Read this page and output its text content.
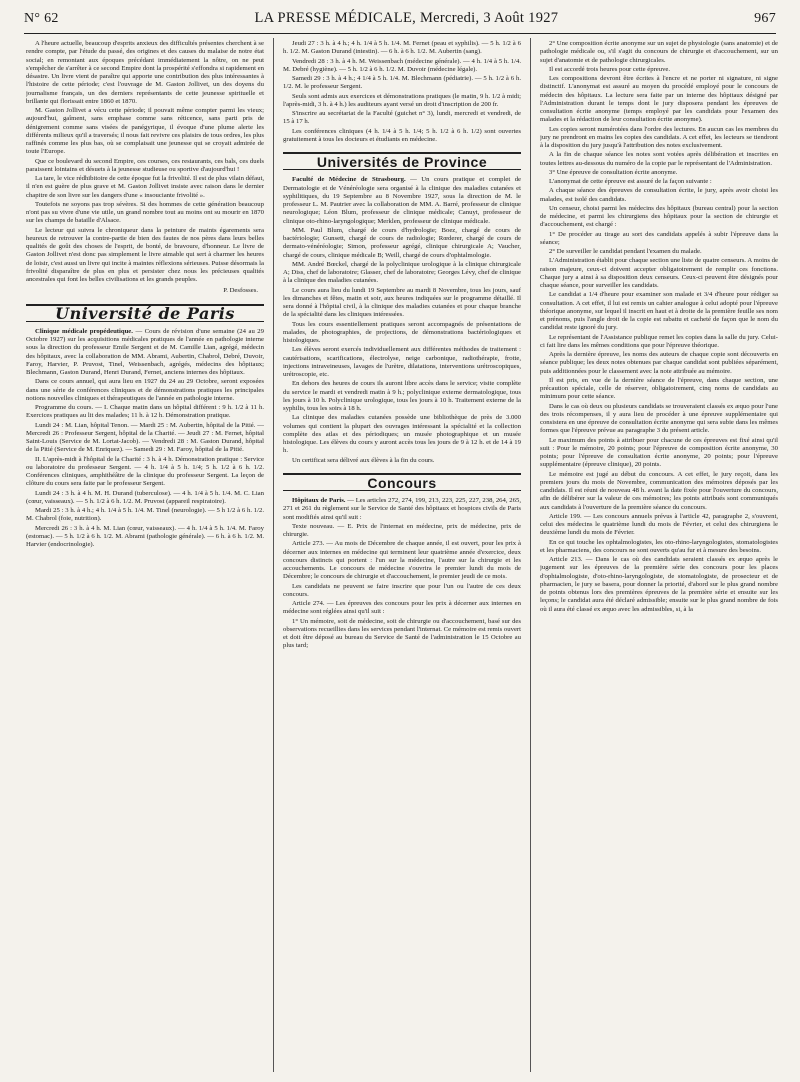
N° 62	LA PRESSE MÉDICALE, Mercredi, 3 Août 1927	967

A l'heure actuelle, beaucoup d'esprits anxieux des difficultés présentes cherchent à se rendre compte, par l'étude du passé, des origines et des causes du malaise de notre état social; en remontant aux époques précédant immédiatement la nôtre, on ne peut s'empêcher de s'arrêter à ce second Empire dont la prospérité s'effondra si rapidement en désastre. Un livre vient de paraître qui apporte une contribution des plus intéressantes à l'histoire de cette période; c'est l'ouvrage de M. Gaston Jollivet, un des doyens du journalisme français, un des derniers représentants de cette jeunesse spirituelle et brillante qui florissait entre 1860 et 1870.

M. Gaston Jollivet a vécu cette période; il pouvait même compter parmi les vieux; aujourd'hui, gaîment, sans emphase comme sans réticence, sans parti pris de dénigrement comme sans visées de panégyrique, il évoque d'une plume alerte les différents milieux qu'il a traversés; il nous fait revivre ces plaisirs de tous ordres, les plus raffinés comme les plus bas, où se complaisait une jeunesse qui se croyait admirée de toute l'Europe.

Que ce boulevard du second Empire, ces courses, ces restaurants, ces bals, ces duels paraissent lointains et désuets à la jeunesse studieuse ou sportive d'aujourd'hui !

La tare, le vice rédhibitoire de cette époque fut la frivolité. Il est de plus vilain défaut, il n'en est guère de plus grave et M. Gaston Jollivet insiste avec raison dans le dernier chapitre de son livre sur les dangers d'une « insouciante frivolité ».

Toutefois ne soyons pas trop sévères. Si des hommes de cette génération beaucoup n'ont pas su vivre d'une vie utile, un grand nombre tout au moins ont su mourir en 1870 sur les champs de bataille d'Alsace.

Le lecteur qui suivra le chroniqueur dans la peinture de maints égarements sera heureux de retrouver la contre-partie de bien des fautes de nos pères dans leurs belles qualités de goût des choses de l'esprit, de bonté, de bravoure, d'honneur. Le livre de Gaston Jollivet n'est donc pas simplement le livre aimable qui sert à charmer les heures de loisir, c'est aussi un livre qui incite à maintes réflexions sérieuses. Puisse désormais la frivolité disparaître de plus en plus et persister chez nous les précieuses qualités ancestrales qui font les belles civilisations et les grands peuples.

P. Desfosses.
Université de Paris

Clinique médicale propédeutique. — Cours de révision d'une semaine (24 au 29 Octobre 1927) sur les acquisitions médicales pratiques de l'année en pathologie interne sous la direction du professeur Emile Sergent et de M. Camille Lian, agrégé, médecin des hôpitaux, avec la collaboration de MM. Abrami, Aubertin, Chabrol, Debré, Duvoir, Faroy, Harvier, P. Pruvost, Tinel, Weissenbach, agrégés, médecins des hôpitaux; Blechmann, Gaston Durand, Henri Durand, Fernet, anciens internes des hôpitaux.

Dans ce cours annuel, qui aura lieu en 1927 du 24 au 29 Octobre, seront exposées dans une série de conférences cliniques et de démonstrations pratiques les principales notions nouvelles cliniques et thérapeutiques de l'année en pathologie interne.

Programme du cours. — I. Chaque matin dans un hôpital différent : 9 h. 1/2 à 11 h. Exercices pratiques au lit des malades; 11 h. à 12 h. Démonstration pratique.

Lundi 24 : M. Lian, hôpital Tenon. — Mardi 25 : M. Aubertin, hôpital de la Pitié. — Mercredi 26 : Professeur Sergent, hôpital de la Charité. — Jeudi 27 : M. Fernet, hôpital Saint-Louis (Service de M. Lortat-Jacob). — Vendredi 28 : M. Gaston Durand, hôpital de la Pitié (Service de M. Enriquez). — Samedi 29 : M. Faroy, hôpital de la Pitié.

II. L'après-midi à l'hôpital de la Charité : 3 h. à 4 h. Démonstration pratique : Service ou laboratoire du professeur Sergent. — 4 h. 1/4 à 5 h. 1/4; 5 h. 1/2 à 6 h. 1/2. Conférences cliniques, amphithéâtre de la clinique du professeur Sergent. La leçon de clôture du cours sera faite par le professeur Sergent.

Lundi 24 : 3 h. à 4 h. M. H. Durand (tuberculose). — 4 h. 1/4 à 5 h. 1/4. M. C. Lian (cœur, vaisseaux). — 5 h. 1/2 à 6 h. 1/2. M. Pruvost (appareil respiratoire).

Mardi 25 : 3 h. à 4 h.; 4 h. 1/4 à 5 h. 1/4. M. Tinel (neurologie). — 5 h 1/2 à 6 h. 1/2. M. Chabrol (foie, nutrition).

Mercredi 26 : 3 h. à 4 h. M. Lian (cœur, vaisseaux). — 4 h. 1/4 à 5 h. 1/4. M. Faroy (estomac). — 5 h. 1/2 à 6 h. 1/2. M. Abrami (pathologie générale). — 6 h. à 6 h. 1/2. M. Harvier (endocrinologie).

Jeudi 27 : 3 h. à 4 h.; 4 h. 1/4 à 5 h. 1/4. M. Fernet (peau et syphilis). — 5 h. 1/2 à 6 h. 1/2. M. Gaston Durand (intestin). — 6 h. à 6 h. 1/2. M. Aubertin (sang).

Vendredi 28 : 3 h. à 4 h. M. Weissenbach (médecine générale). — 4 h. 1/4 à 5 h. 1/4. M. Debré (hygiène). — 5 h. 1/2 à 6 h. 1/2. M. Duvoir (médecine légale).

Samedi 29 : 3 h. à 4 h.; 4 1/4 à 5 h. 1/4. M. Blechmann (pédiatrie). — 5 h. 1/2 à 6 h. 1/2. M. le professeur Sergent.

Seuls sont admis aux exercices et démonstrations pratiques (le matin, 9 h. 1/2 à midi; l'après-midi, 3 h. à 4 h.) les auditeurs ayant versé un droit d'inscription de 200 fr.

S'inscrire au secrétariat de la Faculté (guichet n° 3), lundi, mercredi et vendredi, de 15 à 17 h.

Les conférences cliniques (4 h. 1/4 à 5 h. 1/4; 5 h. 1/2 à 6 h. 1/2) sont ouvertes gratuitement à tous les docteurs et étudiants en médecine.

Universités de Province

Faculté de Médecine de Strasbourg. — Un cours pratique et complet de Dermatologie et de Vénéréologie sera organisé à la clinique des maladies cutanées et syphilitiques, du 19 Septembre au 8 Novembre 1927, sous la direction de M. le professeur L. M. Pautrier avec la collaboration de MM. A. Barré, professeur de clinique neurologique; Léon Blum, professeur de clinique médicale; Canuyt, professeur de clinique oto-rhino-laryngologique; Merklen, professeur de clinique médicale.

MM. Paul Blum, chargé de cours d'hydrologie; Boez, chargé de cours de bactériologie; Gunsett, chargé de cours de radiologie; Rœderer, chargé de cours de dermato-vénéréologie; Simon, professeur agrégé, clinique chirurgicale A; Vaucher, chargé de cours, clinique médicale B; Weill, chargé de cours d'ophtalmologie.

MM. André Bœckel, chargé de la polyclinique urologique à la clinique chirurgicale A; Diss, chef de laboratoire; Glasser, chef de laboratoire; Georges Lévy, chef de clinique à la clinique des maladies cutanées.

Le cours aura lieu du lundi 19 Septembre au mardi 8 Novembre, tous les jours, sauf les dimanches et fêtes, matin et soir, aux heures indiquées sur le programme détaillé. Il sera donné à l'hôpital civil, à la clinique des maladies cutanées et pour chaque branche de la spécialité dans les cliniques intéressées.

Tous les cours essentiellement pratiques seront accompagnés de présentations de malades, de photographies, de projections, de démonstrations bactériologiques et histologiques.

Les élèves seront exercés individuellement aux différentes méthodes de traitement : cautérisations, scarifications, électrolyse, neige carbonique, radiothérapie, frotte, injections intraveineuses, lavages de l'urètre, dilatations, interventions urétroscopiques, urétroscopie, etc.

En dehors des heures de cours ils auront libre accès dans le service; visite complète du service le mardi et vendredi matin à 9 h.; polyclinique externe dermatologique, tous les jours à 10 h. Polyclinique urologique, tous les jours à 10 h. Traitement externe de la syphilis, tous les soirs à 18 h.

La clinique des maladies cutanées possède une bibliothèque de près de 3.000 volumes qui contient la plupart des ouvrages intéressant la spécialité et la collection complète des atlas et des périodiques; un musée photographique et un musée histologique. Les élèves du cours y auront accès tous les jours de 9 à 12 h. et de 14 à 19 h.

Un certificat sera délivré aux élèves à la fin du cours.

Concours

Hôpitaux de Paris. — Les articles 272, 274, 199, 213, 223, 225, 227, 238, 264, 265, 271 et 261 du règlement sur le Service de Santé des hôpitaux et hospices civils de Paris sont modifiés ainsi qu'il suit :

Texte nouveau. — E. Prix de l'internat en médecine, prix de médecine, prix de chirurgie.

Article 273. — Au mois de Décembre de chaque année, il est ouvert, pour les prix à décerner aux internes en médecine qui terminent leur quatrième année d'exercice, deux concours distincts qui portent : l'un sur la médecine, l'autre sur la chirurgie et les accouchements. Le concours de médecine s'ouvrira le premier lundi du mois de Décembre; le concours de chirurgie et d'accouchement, le premier jeudi de ce mois.

Les candidats ne peuvent se faire inscrire que pour l'un ou l'autre de ces deux concours.

Article 274. — Les épreuves des concours pour les prix à décerner aux internes en médecine sont réglées ainsi qu'il suit :

1° Un mémoire, soit de médecine, soit de chirurgie ou d'accouchement, basé sur des observations recueillies dans les services pendant l'internat. Ce mémoire est remis ouvert et doit être déposé au bureau du Service de Santé de l'administration le 15 Octobre au plus tard;

2° Une composition écrite anonyme sur un sujet de physiologie (sans anatomie) et de pathologie médicale ou, s'il s'agit du concours de chirurgie et d'accouchement, sur un sujet d'anatomie et de pathologie chirurgicales.

Il est accordé trois heures pour cette épreuve.

Les compositions devront être écrites à l'encre et ne porter ni signature, ni signe distinctif. L'anonymat est assuré au moyen du procédé employé pour le concours de médecin des hôpitaux. La lecture sera faite par un interne des hôpitaux désigné par l'Administration durant le temps dont le jury disposera pendant les épreuves de consultation écrite anonyme (temps employé par les candidats pour l'examen des malades et la rédaction de leur consultation écrite anonyme).

Les copies seront numérotées dans l'ordre des lectures. En aucun cas les membres du jury ne prendront en mains les copies des candidats. A cet effet, les lecteurs se tiendront à la disposition du jury jusqu'à l'attribution des notes exclusivement.

A la fin de chaque séance les notes sont votées après délibération et inscrites en toutes lettres au-dessous du numéro de la copie par le représentant de l'Administration.

3° Une épreuve de consultation écrite anonyme.

L'anonymat de cette épreuve est assuré de la façon suivante :

A chaque séance des épreuves de consultation écrite, le jury, après avoir choisi les malades, est isolé des candidats.

Un censeur, choisi parmi les médecins des hôpitaux (bureau central) pour la section de médecine, et parmi les chirurgiens des hôpitaux pour la section de chirurgie et d'accouchement, est chargé :

1° De procéder au tirage au sort des candidats appelés à subir l'épreuve dans la séance;

2° De surveiller le candidat pendant l'examen du malade.

L'Administration établit pour chaque section une liste de quatre censeurs. A moins de raison majeure, ceux-ci doivent accepter obligatoirement de remplir ces fonctions. Chaque jury a ainsi à sa disposition deux censeurs. Ceux-ci peuvent être désignés pour chaque séance, pour surveiller les candidats.

Le candidat a 1/4 d'heure pour examiner son malade et 3/4 d'heure pour rédiger sa consultation. A cet effet, il lui est remis un cahier analogue à celui adopté pour l'épreuve théorique anonyme, sur lequel il inscrit en haut et à droite de la première feuille ses nom et prénoms, puis l'angle droit de la copie est rabattu et cacheté de façon que le nom du candidat reste ignoré du jury.

Le représentant de l'Assistance publique remet les copies dans la salle du jury. Celui-ci fait lire dans les mêmes conditions que pour l'épreuve théorique.

Après la dernière épreuve, les noms des auteurs de chaque copie sont découverts en séance publique; les deux notes obtenues par chaque candidat sont publiées séparément, puis additionnées pour le classement avec la note attribuée au mémoire.

Il est pris, en vue de la dernière séance de l'épreuve, dans chaque section, une précaution spéciale, celle de réserver, obligatoirement, cinq noms de candidats au minimum pour cette séance.

Dans le cas où deux ou plusieurs candidats se trouveraient classés ex æquo pour l'une des trois récompenses, il y aura lieu de procéder à une épreuve supplémentaire qui consistera en une épreuve de consultation écrite anonyme qui sera subie dans les mêmes formes que l'épreuve prévue au paragraphe 3 du présent article.

Le maximum des points à attribuer pour chacune de ces épreuves est fixé ainsi qu'il suit : Pour le mémoire, 20 points; pour l'épreuve de composition écrite anonyme, 30 points; pour l'épreuve de consultation écrite anonyme, 20 points; pour l'épreuve supplémentaire (épreuve clinique), 20 points.

Le mémoire est jugé au début du concours. A cet effet, le jury reçoit, dans les premiers jours du mois de Novembre, communication des mémoires déposés par les candidats. Il est réuni de nouveau 48 h. avant la date fixée pour l'ouverture du concours, afin de délibérer sur la valeur de ces mémoires; les points attribués sont communiqués aux candidats à l'ouverture de la première séance du concours.

Article 199. — Les concours annuels prévus à l'article 42, paragraphe 2, s'ouvrent, celui des médecins le quatrième lundi du mois de Février, et celui des chirurgiens le deuxième lundi du mois de Février.

En ce qui touche les ophtalmologistes, les oto-rhino-laryngologistes, stomatologistes et les pharmaciens, des concours ne sont ouverts qu'au fur et à mesure des besoins.

Article 213. — Dans le cas où des candidats seraient classés ex æquo après le jugement sur les épreuves de la première série des concours pour les places d'ophtalmologiste, d'oto-rhino-laryngologiste, de stomatologiste, de prosecteur et de pharmacien, le jury se basera, pour donner la priorité, d'abord sur le plus grand nombre de points obtenus lors des premières épreuves de la première série et ensuite sur les leçons; le candidat aura été déclaré admissible; ensuite sur le plus grand nombre de fois où il aura été classé ex æquo avec les admissibles, si, à la
